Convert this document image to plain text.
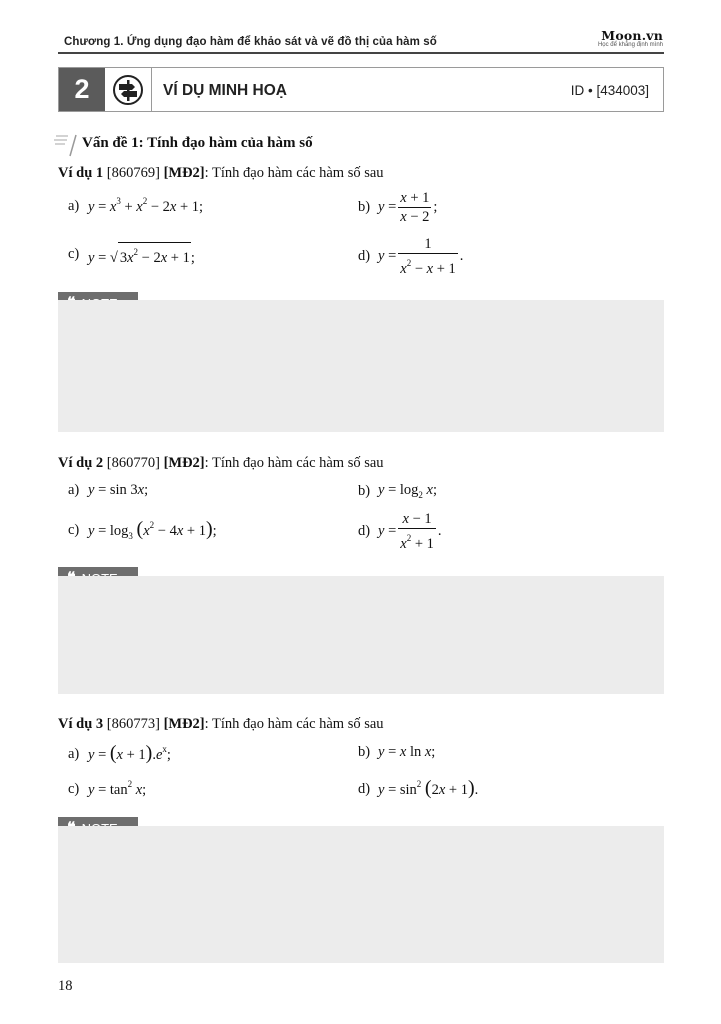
Chương 1. Ứng dụng đạo hàm để khảo sát và vẽ đồ thị của hàm số	Moon.vn
Học để khẳng định mình
2	VÍ DỤ MINH HOẠ	ID • [434003]
Vấn đề 1: Tính đạo hàm của hàm số
Ví dụ 1 [860769] [MĐ2]: Tính đạo hàm các hàm số sau
a) $y = x^3 + x^2 - 2x + 1$;	b) $y = \frac{x + 1}{x - 2}$ ;
c) y = √ $3x^2 - 2x + 1$ ;	d) $y = \frac{1}{x^2 - x + 1}$ .
Ví dụ 2 [860770] [MĐ2]: Tính đạo hàm các hàm số sau
a) y = sin 3x;	b) $y = \log_2 x$;
c) $y = \log_3 (x^2 - 4x + 1)$;	d) $y = \frac{x - 1}{x^2 + 1}$ .
Ví dụ 3 [860773] [MĐ2]: Tính đạo hàm các hàm số sau
a) $y = (x + 1).e^x$;	b) y = x ln x;
c) $y = \tan^2 x$;	d) $y = \sin^2 (2x + 1)$.
18
